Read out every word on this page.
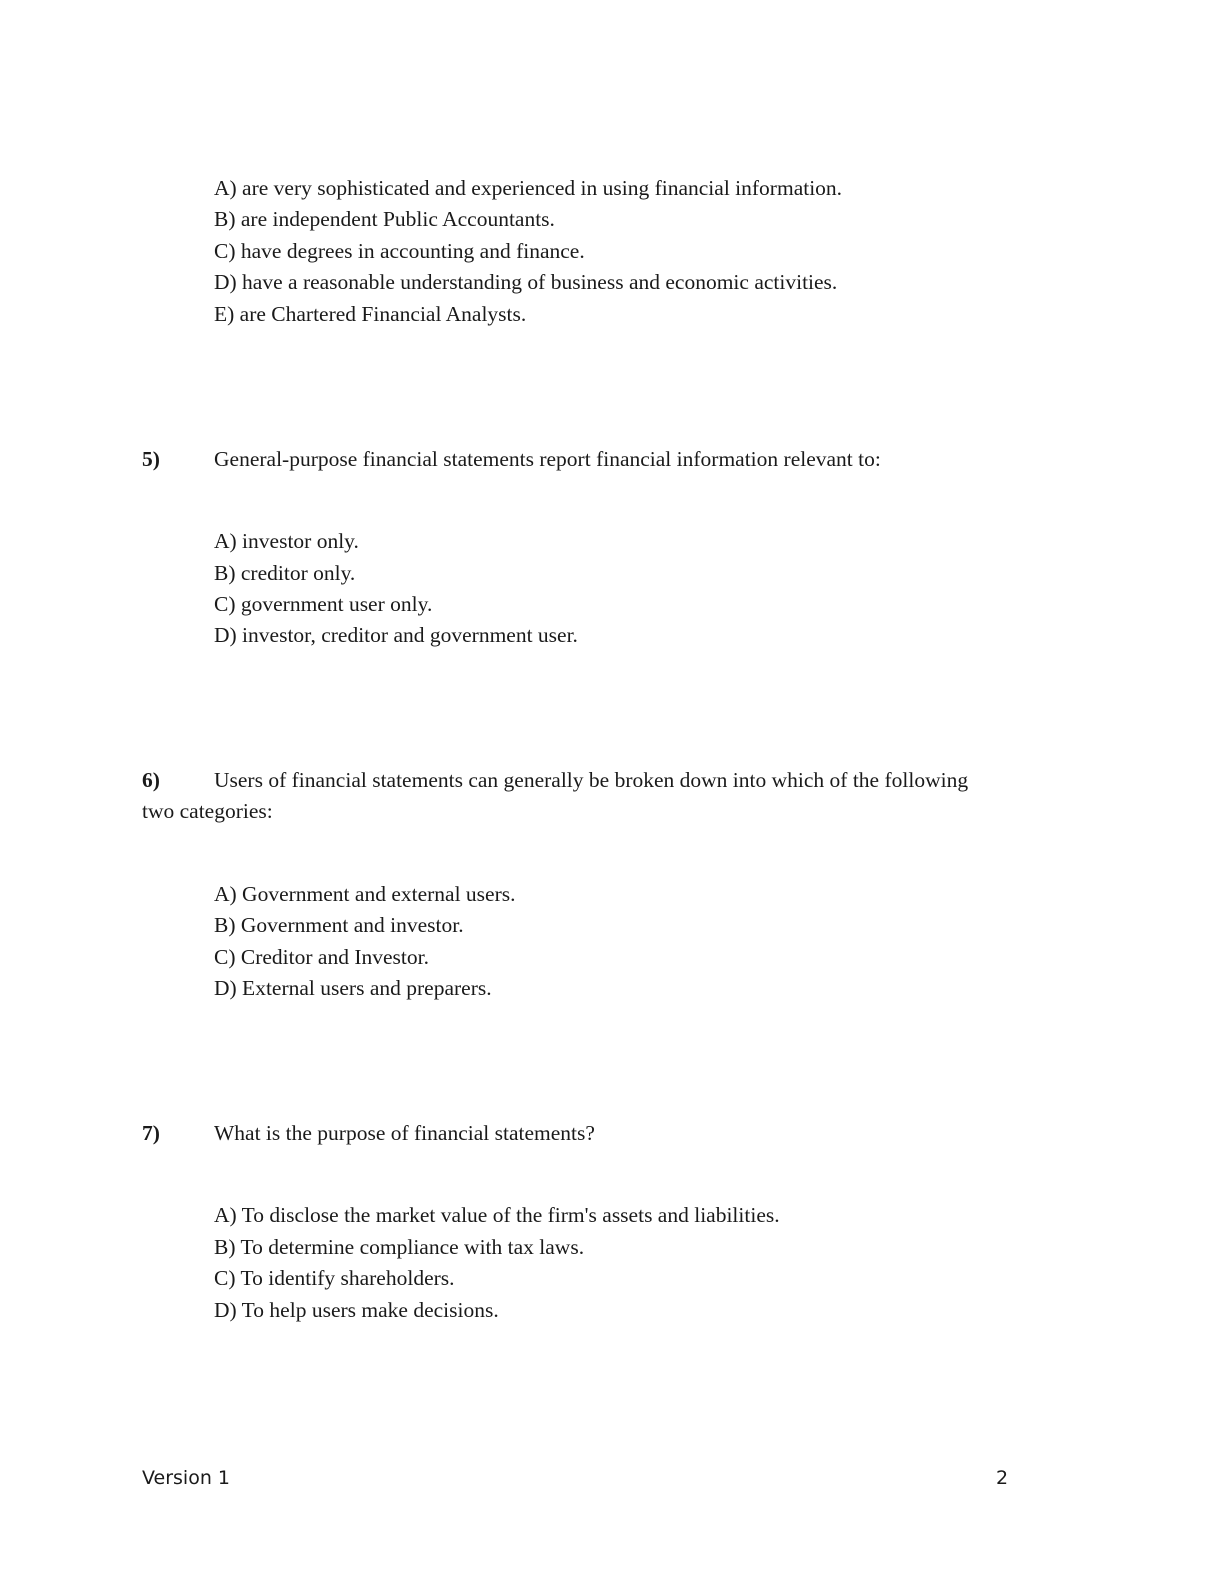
A) are very sophisticated and experienced in using financial information.
B) are independent Public Accountants.
C) have degrees in accounting and finance.
D) have a reasonable understanding of business and economic activities.
E) are Chartered Financial Analysts.
5)	General-purpose financial statements report financial information relevant to:
A) investor only.
B) creditor only.
C) government user only.
D) investor, creditor and government user.
6)	Users of financial statements can generally be broken down into which of the following
two categories:
A) Government and external users.
B) Government and investor.
C) Creditor and Investor.
D) External users and preparers.
7)	What is the purpose of financial statements?
A) To disclose the market value of the firm's assets and liabilities.
B) To determine compliance with tax laws.
C) To identify shareholders.
D) To help users make decisions.
Version 1	2
